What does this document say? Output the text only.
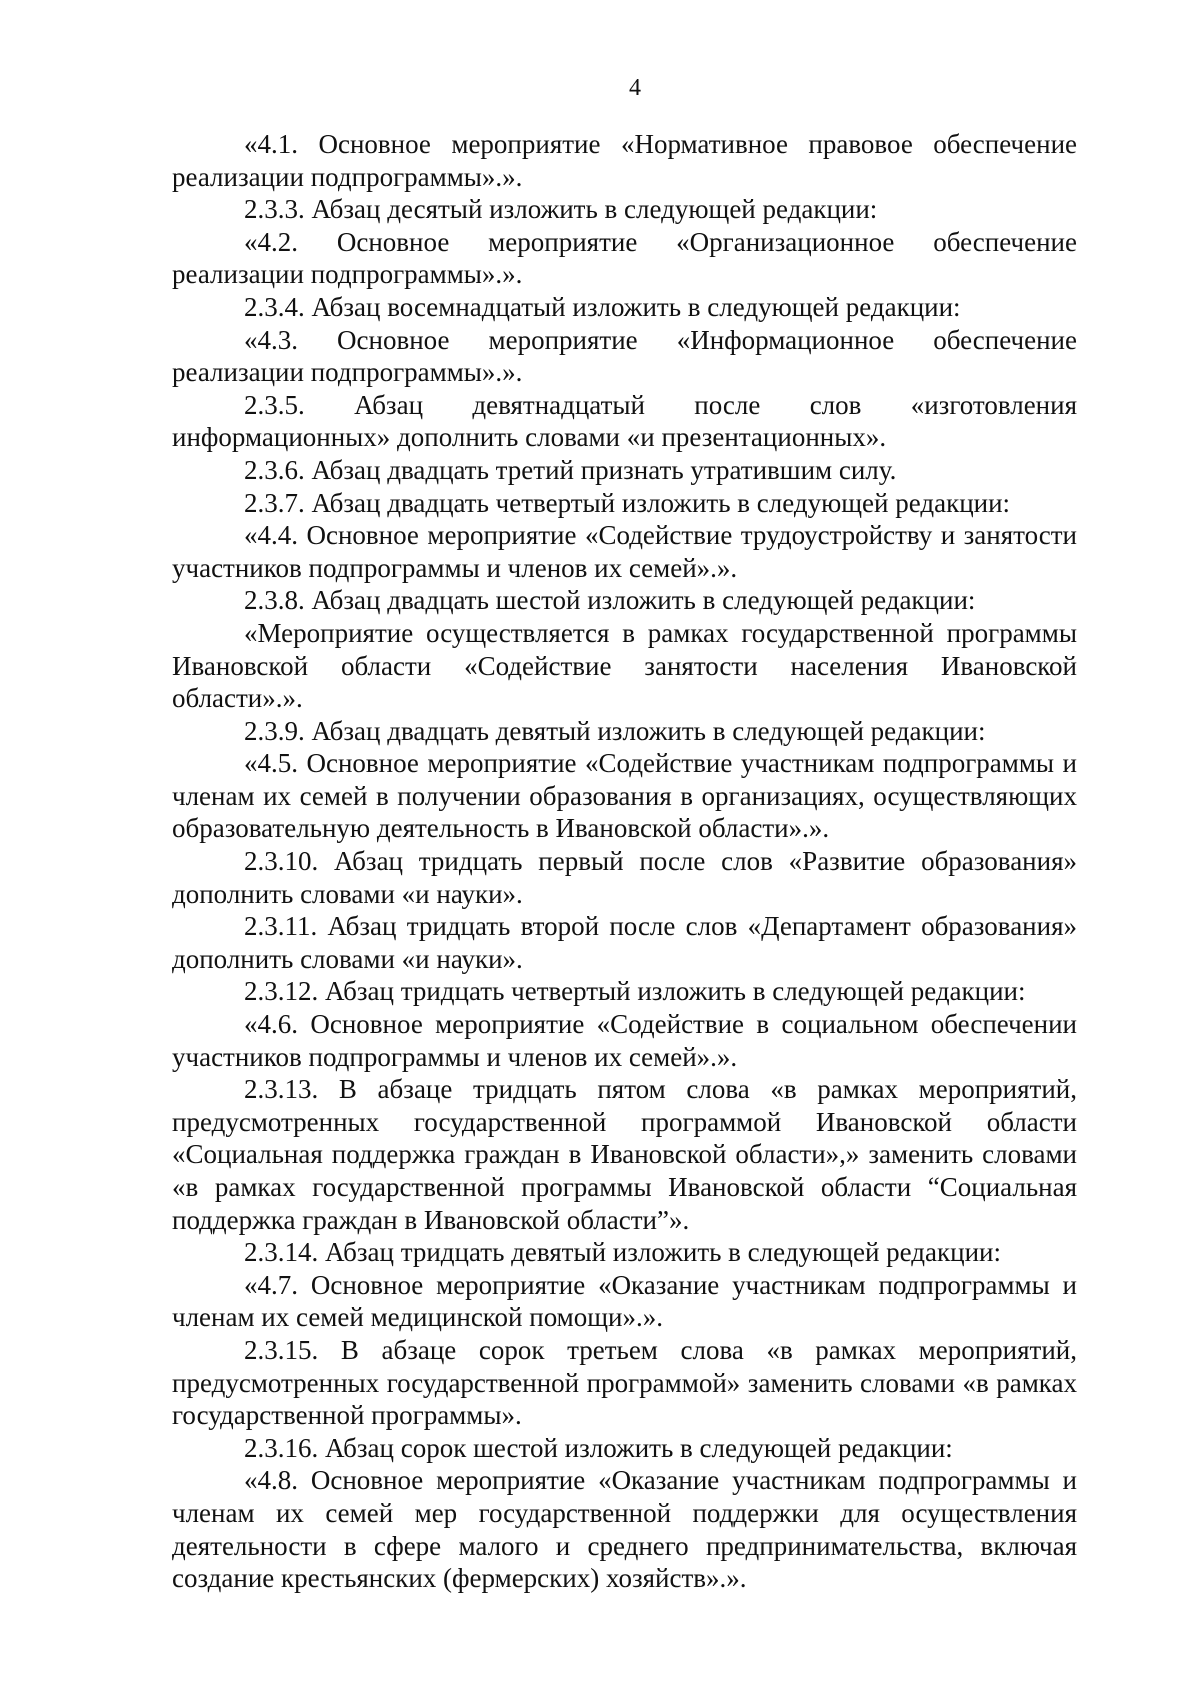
4

«4.1. Основное мероприятие «Нормативное правовое обеспечение реализации подпрограммы».».

2.3.3. Абзац десятый изложить в следующей редакции:

«4.2. Основное мероприятие «Организационное обеспечение реализации подпрограммы».».

2.3.4. Абзац восемнадцатый изложить в следующей редакции:

«4.3. Основное мероприятие «Информационное обеспечение реализации подпрограммы».».

2.3.5. Абзац девятнадцатый после слов «изготовления информационных» дополнить словами «и презентационных».

2.3.6. Абзац двадцать третий признать утратившим силу.

2.3.7. Абзац двадцать четвертый изложить в следующей редакции:

«4.4. Основное мероприятие «Содействие трудоустройству и занятости участников подпрограммы и членов их семей».».

2.3.8. Абзац двадцать шестой изложить в следующей редакции:

«Мероприятие осуществляется в рамках государственной программы Ивановской области «Содействие занятости населения Ивановской области».».

2.3.9. Абзац двадцать девятый изложить в следующей редакции:

«4.5. Основное мероприятие «Содействие участникам подпрограммы и членам их семей в получении образования в организациях, осуществляющих образовательную деятельность в Ивановской области».».

2.3.10. Абзац тридцать первый после слов «Развитие образования» дополнить словами «и науки».

2.3.11. Абзац тридцать второй после слов «Департамент образования» дополнить словами «и науки».

2.3.12. Абзац тридцать четвертый изложить в следующей редакции:

«4.6. Основное мероприятие «Содействие в социальном обеспечении участников подпрограммы и членов их семей».».

2.3.13. В абзаце тридцать пятом слова «в рамках мероприятий, предусмотренных государственной программой Ивановской области «Социальная поддержка граждан в Ивановской области»,» заменить словами «в рамках государственной программы Ивановской области “Социальная поддержка граждан в Ивановской области”».

2.3.14. Абзац тридцать девятый изложить в следующей редакции:

«4.7. Основное мероприятие «Оказание участникам подпрограммы и членам их семей медицинской помощи».».

2.3.15. В абзаце сорок третьем слова «в рамках мероприятий, предусмотренных государственной программой» заменить словами «в рамках государственной программы».

2.3.16. Абзац сорок шестой изложить в следующей редакции:

«4.8. Основное мероприятие «Оказание участникам подпрограммы и членам их семей мер государственной поддержки для осуществления деятельности в сфере малого и среднего предпринимательства, включая создание крестьянских (фермерских) хозяйств».».
